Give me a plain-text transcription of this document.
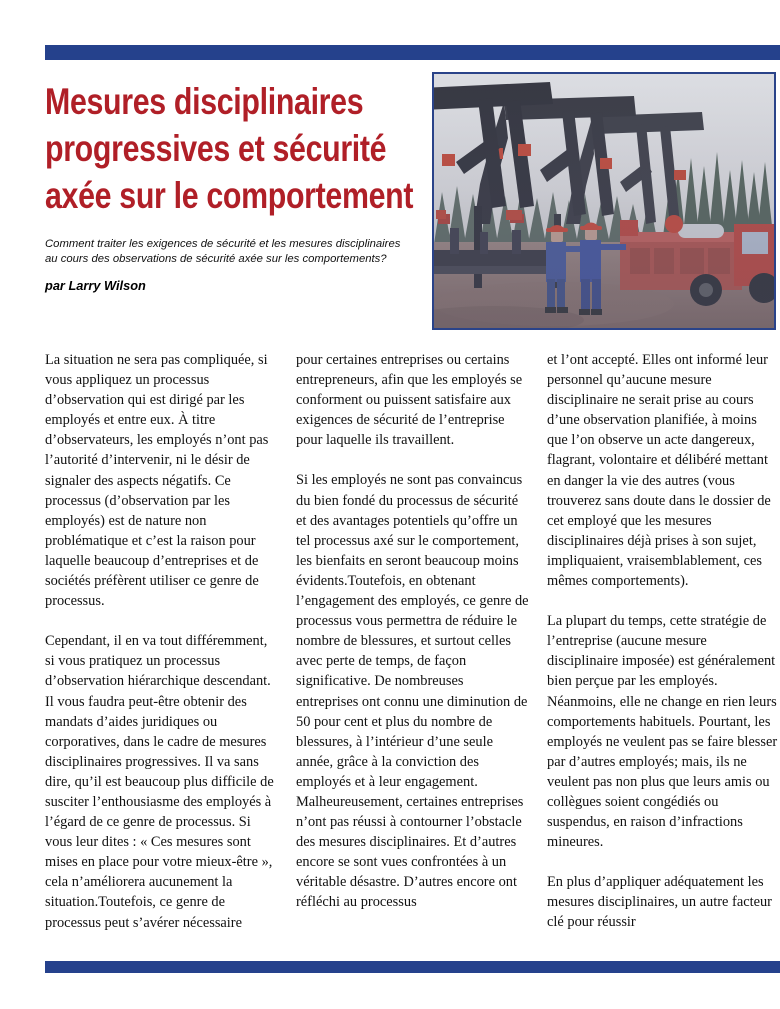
Mesures disciplinaires
progressives et sécurité
axée sur le comportement

Comment traiter les exigences de sécurité et les mesures disciplinaires au cours des observations de sécurité axée sur les comportements?

par Larry Wilson

La situation ne sera pas compliquée, si vous appliquez un processus d’observation qui est dirigé par les employés et entre eux. À titre d’observateurs, les employés n’ont pas l’autorité d’intervenir, ni le désir de signaler des aspects négatifs. Ce processus (d’observation par les employés) est de nature non problématique et c’est la raison pour laquelle beaucoup d’entreprises et de sociétés préfèrent utiliser ce genre de processus.

Cependant, il en va tout différemment, si vous pratiquez un processus d’observation hiérarchique descendant. Il vous faudra peut-être obtenir des mandats d’aides juridiques ou corporatives, dans le cadre de mesures disciplinaires progressives. Il va sans dire, qu’il est beaucoup plus difficile de susciter l’enthousiasme des employés à l’égard de ce genre de processus. Si vous leur dites : « Ces mesures sont mises en place pour votre mieux-être », cela n’améliorera aucunement la situation.Toutefois, ce genre de processus peut s’avérer nécessaire

pour certaines entreprises ou certains entrepreneurs, afin que les employés se conforment ou puissent satisfaire aux exigences de sécurité de l’entreprise pour laquelle ils travaillent.

Si les employés ne sont pas convaincus du bien fondé du processus de sécurité et des avantages potentiels qu’offre un tel processus axé sur le comportement, les bienfaits en seront beaucoup moins évidents.Toutefois, en obtenant l’engagement des employés, ce genre de processus vous permettra de réduire le nombre de blessures, et surtout celles avec perte de temps, de façon significative. De nombreuses entreprises ont connu une diminution de 50 pour cent et plus du nombre de blessures, à l’intérieur d’une seule année, grâce à la conviction des employés et à leur engagement. Malheureusement, certaines entreprises n’ont pas réussi à contourner l’obstacle des mesures disciplinaires. Et d’autres encore se sont vues confrontées à un véritable désastre. D’autres encore ont réfléchi au processus

et l’ont accepté. Elles ont informé leur personnel qu’aucune mesure disciplinaire ne serait prise au cours d’une observation planifiée, à moins que l’on observe un acte dangereux, flagrant, volontaire et délibéré mettant en danger la vie des autres (vous trouverez sans doute dans le dossier de cet employé que les mesures disciplinaires déjà prises à son sujet, impliquaient, vraisemblablement, ces mêmes comportements).

La plupart du temps, cette stratégie de l’entreprise (aucune mesure disciplinaire imposée) est généralement bien perçue par les employés. Néanmoins, elle ne change en rien leurs comportements habituels. Pourtant, les employés ne veulent pas se faire blesser par d’autres employés; mais, ils ne veulent pas non plus que leurs amis ou collègues soient congédiés ou suspendus, en raison d’infractions mineures.

En plus d’appliquer adéquatement les mesures disciplinaires, un autre facteur clé pour réussir
